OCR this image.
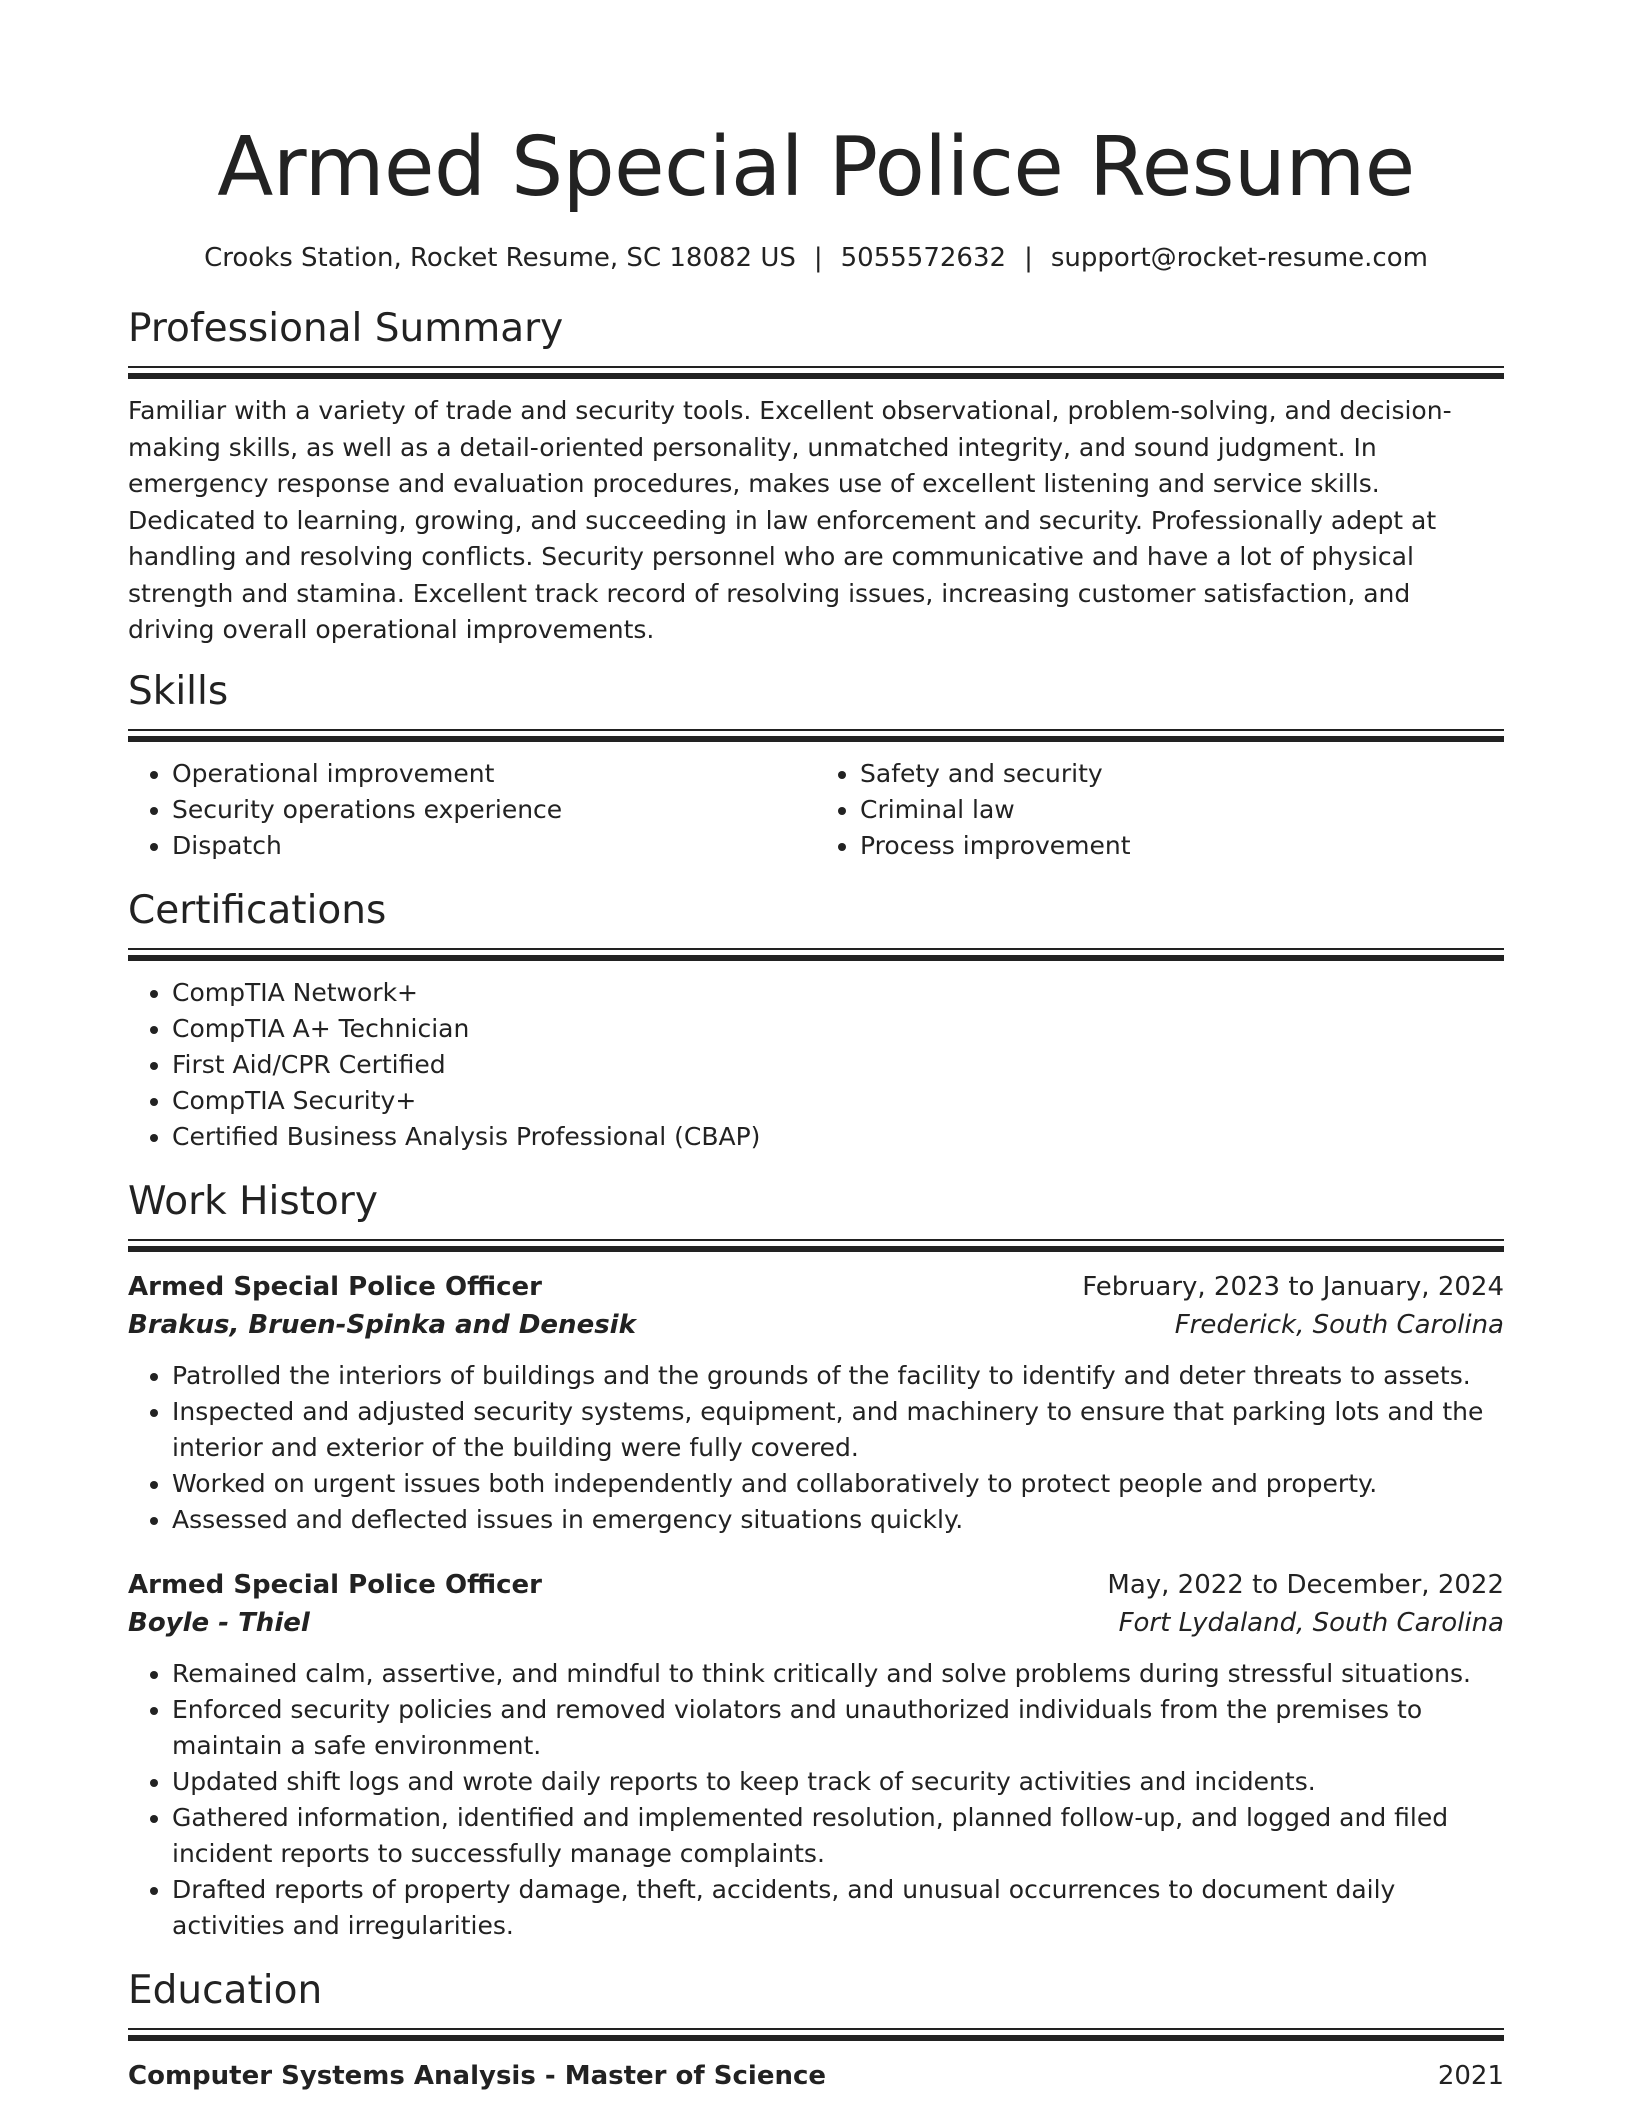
Armed Special Police Resume
Crooks Station, Rocket Resume, SC 18082 US | 5055572632 | support@rocket-resume.com
Professional Summary

Familiar with a variety of trade and security tools. Excellent observational, problem-solving, and decision-making skills, as well as a detail-oriented personality, unmatched integrity, and sound judgment. In emergency response and evaluation procedures, makes use of excellent listening and service skills. Dedicated to learning, growing, and succeeding in law enforcement and security. Professionally adept at handling and resolving conflicts. Security personnel who are communicative and have a lot of physical strength and stamina. Excellent track record of resolving issues, increasing customer satisfaction, and driving overall operational improvements.

Skills
• Operational improvement
• Security operations experience
• Dispatch
• Safety and security
• Criminal law
• Process improvement
Certifications
• CompTIA Network+
• CompTIA A+ Technician
• First Aid/CPR Certified
• CompTIA Security+
• Certified Business Analysis Professional (CBAP)
Work History
Armed Special Police Officer	February, 2023 to January, 2024
Brakus, Bruen-Spinka and Denesik	Frederick, South Carolina
• Patrolled the interiors of buildings and the grounds of the facility to identify and deter threats to assets.
• Inspected and adjusted security systems, equipment, and machinery to ensure that parking lots and the interior and exterior of the building were fully covered.
• Worked on urgent issues both independently and collaboratively to protect people and property.
• Assessed and deflected issues in emergency situations quickly.
Armed Special Police Officer	May, 2022 to December, 2022
Boyle - Thiel	Fort Lydaland, South Carolina
• Remained calm, assertive, and mindful to think critically and solve problems during stressful situations.
• Enforced security policies and removed violators and unauthorized individuals from the premises to maintain a safe environment.
• Updated shift logs and wrote daily reports to keep track of security activities and incidents.
• Gathered information, identified and implemented resolution, planned follow-up, and logged and filed incident reports to successfully manage complaints.
• Drafted reports of property damage, theft, accidents, and unusual occurrences to document daily activities and irregularities.
Education
Computer Systems Analysis - Master of Science	2021
